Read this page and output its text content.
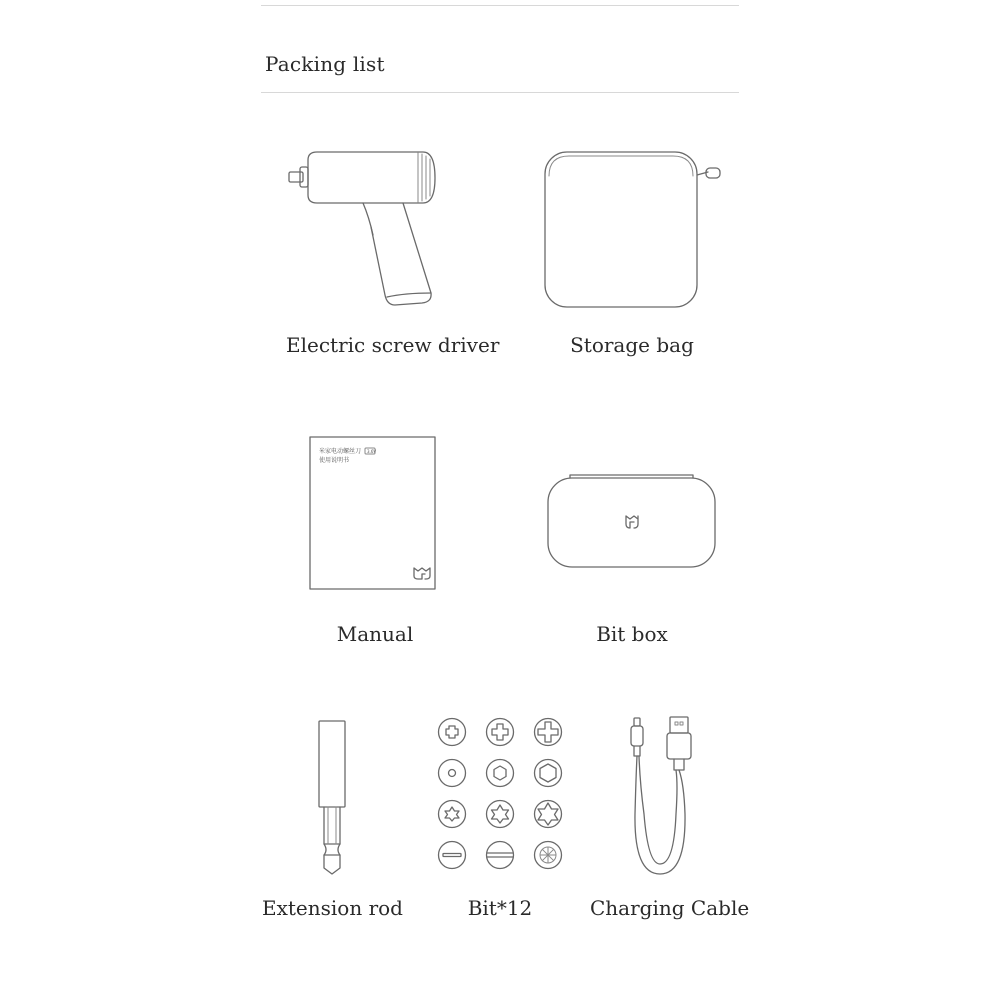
Packing list
Electric screw driver	Storage bag
米家电动螺丝刀 3.6V
使用说明书
Manual	Bit box
Extension rod	Bit*12	Charging Cable
